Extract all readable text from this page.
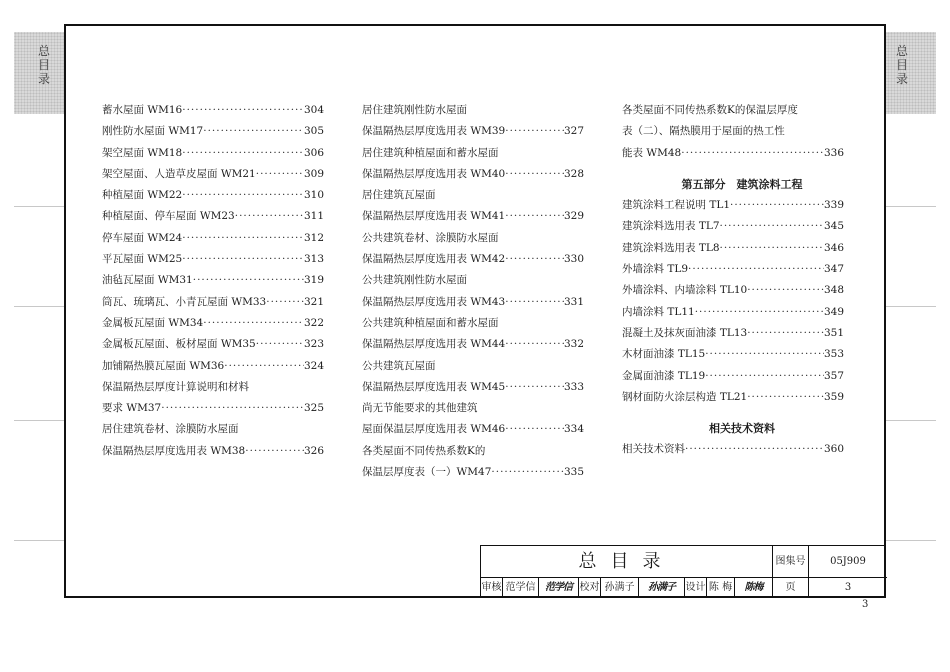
总目录
总目录
蓄水屋面 WM16 ·····	304
刚性防水屋面 WM17 ·····	305
架空屋面 WM18 ·····	306
架空屋面、人造草皮屋面 WM21 ·····	309
种植屋面 WM22 ·····	310
种植屋面、停车屋面 WM23 ·····	311
停车屋面 WM24 ·····	312
平瓦屋面 WM25 ·····	313
油毡瓦屋面 WM31 ·····	319
筒瓦、琉璃瓦、小青瓦屋面 WM33 ·····	321
金属板瓦屋面 WM34 ·····	322
金属板瓦屋面、板材屋面 WM35 ·····	323
加铺隔热膜瓦屋面 WM36 ·····	324
保温隔热层厚度计算说明和材料
要求 WM37 ·····	325
居住建筑卷材、涂膜防水屋面
保温隔热层厚度选用表 WM38 ·····	326
居住建筑刚性防水屋面
保温隔热层厚度选用表 WM39 ·····	327
居住建筑种植屋面和蓄水屋面
保温隔热层厚度选用表 WM40 ·····	328
居住建筑瓦屋面
保温隔热层厚度选用表 WM41 ·····	329
公共建筑卷材、涂膜防水屋面
保温隔热层厚度选用表 WM42 ·····	330
公共建筑刚性防水屋面
保温隔热层厚度选用表 WM43 ·····	331
公共建筑种植屋面和蓄水屋面
保温隔热层厚度选用表 WM44 ·····	332
公共建筑瓦屋面
保温隔热层厚度选用表 WM45 ·····	333
尚无节能要求的其他建筑
屋面保温层厚度选用表 WM46 ·····	334
各类屋面不同传热系数K的
保温层厚度表（一）WM47 ·····	335
各类屋面不同传热系数K的保温层厚度
表（二）、隔热膜用于屋面的热工性
能表 WM48 ·····	336
第五部分　建筑涂料工程
建筑涂料工程说明 TL1 ·····	339
建筑涂料选用表 TL7 ·····	345
建筑涂料选用表 TL8 ·····	346
外墙涂料 TL9 ·····	347
外墙涂料、内墙涂料 TL10 ·····	348
内墙涂料 TL11 ·····	349
混凝土及抹灰面油漆 TL13 ·····	351
木材面油漆 TL15 ·····	353
金属面油漆 TL19 ·····	357
钢材面防火涂层构造 TL21 ·····	359
相关技术资料
相关技术资料 ·····	360
总目录	图集号	05J909
审核 范学信 范学信 校对 孙满子	孙满子	设计 陈 梅	陈梅	页	3
3
